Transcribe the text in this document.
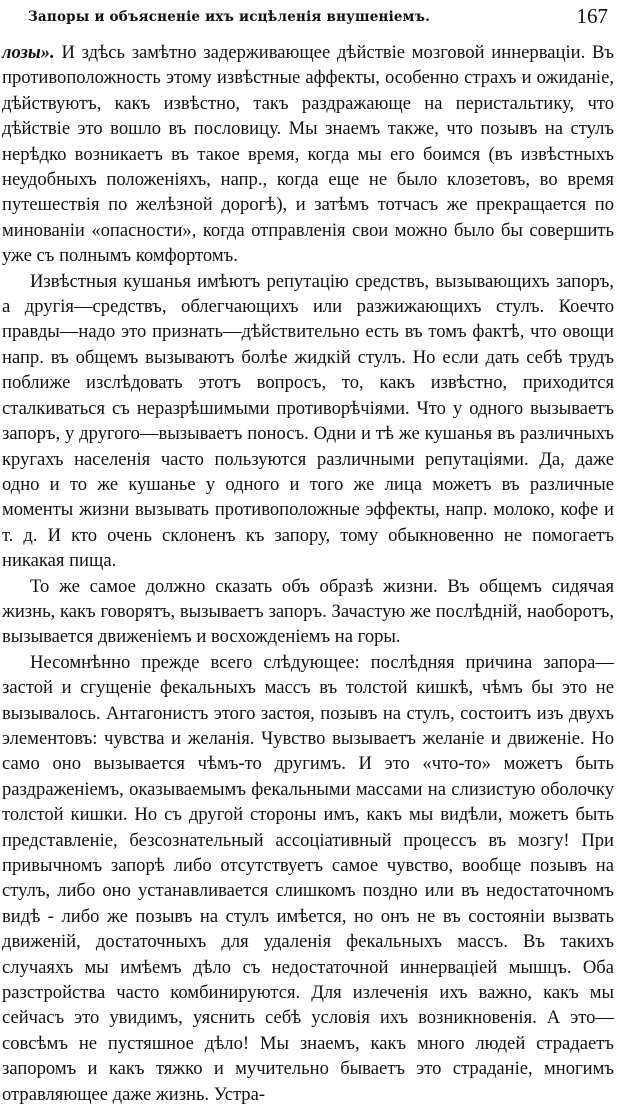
Запоры и объясненіе ихъ исцѣленія внушеніемъ.	167

лозы». И здѣсь замѣтно задерживающее дѣйствіе мозговой иннервацiи. Въ противоположность этому извѣстные аффекты, особенно страхъ и ожиданіе, дѣйствуютъ, какъ извѣстно, такъ раздражающе на перистальтику, что дѣйствіе это вошло въ пословицу. Мы знаемъ также, что позывъ на стулъ нерѣдко возникаетъ въ такое время, когда мы его боимся (въ извѣстныхъ неудобныхъ положеніяхъ, напр., когда еще не было клозетовъ, во время путешествія по желѣзной дорогѣ), и затѣмъ тотчасъ же прекращается по минованіи «опасности», когда отправленія свои можно было бы совершить уже съ полнымъ комфортомъ.

Извѣстныя кушанья имѣютъ репутацію средствъ, вызывающихъ запоръ, а другія—средствъ, облегчающихъ или разжижающихъ стулъ. Коечто правды—надо это признать—дѣйствительно есть въ томъ фактѣ, что овощи напр. въ общемъ вызываютъ болѣе жидкій стулъ. Но если дать себѣ трудъ поближе изслѣдовать этотъ вопросъ, то, какъ извѣстно, приходится сталкиваться съ неразрѣшимыми противорѣчіями. Что у одного вызываетъ запоръ, у другого—вызываетъ поносъ. Одни и тѣ же кушанья въ различныхъ кругахъ населенія часто пользуются различными репутаціями. Да, даже одно и то же кушанье у одного и того же лица можетъ въ различные моменты жизни вызывать противоположные эффекты, напр. молоко, кофе и т. д. И кто очень склоненъ къ запору, тому обыкновенно не помогаетъ никакая пища.

То же самое должно сказать объ образѣ жизни. Въ общемъ сидячая жизнь, какъ говорятъ, вызываетъ запоръ. Зачастую же послѣдній, наоборотъ, вызывается движеніемъ и восхожденіемъ на горы.

Несомнѣнно прежде всего слѣдующее: послѣдняя причина запора—застой и сгущеніе фекальныхъ массъ въ толстой кишкѣ, чѣмъ бы это не вызывалось. Антагонистъ этого застоя, позывъ на стулъ, состоитъ изъ двухъ элементовъ: чувства и желанія. Чувство вызываетъ желаніе и движеніе. Но само оно вызывается чѣмъ-то другимъ. И это «что-то» можетъ быть раздраженіемъ, оказываемымъ фекальными массами на слизистую оболочку толстой кишки. Но съ другой стороны имъ, какъ мы видѣли, можетъ быть представленіе, безсознательный ассоціативный процессъ въ мозгу! При привычномъ запорѣ либо отсутствуетъ самое чувство, вообще позывъ на стулъ, либо оно устанавливается слишкомъ поздно или въ недостаточномъ видѣ - либо же позывъ на стулъ имѣется, но онъ не въ состояніи вызвать движеній, достаточныхъ для удаленія фекальныхъ массъ. Въ такихъ случаяхъ мы имѣемъ дѣло съ недостаточной иннервацiей мышцъ. Оба разстройства часто комбинируются. Для излеченія ихъ важно, какъ мы сейчасъ это увидимъ, уяснить себѣ условія ихъ возникновенія. А это—совсѣмъ не пустяшное дѣло! Мы знаемъ, какъ много людей страдаетъ запоромъ и какъ тяжко и мучительно бываетъ это страданіе, многимъ отравляющее даже жизнь. Устра-
